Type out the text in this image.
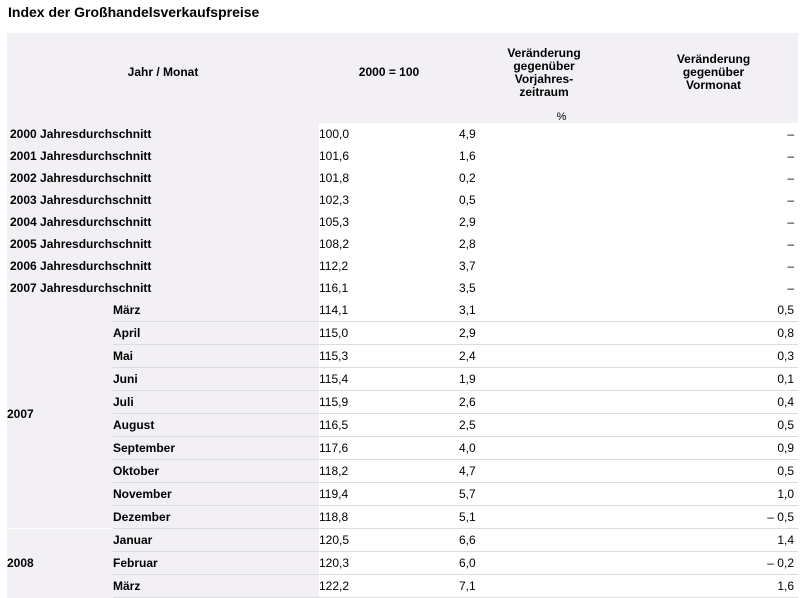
Index der Großhandelsverkaufspreise
Jahr / Monat		2000 = 100	Veränderung
gegenüber
Vorjahres-
zeitraum	Veränderung
gegenüber
Vormonat

			%	
2000 Jahresdurchschnitt		100,0	4,9	–
2001 Jahresdurchschnitt		101,6	1,6	–
2002 Jahresdurchschnitt		101,8	0,2	–
2003 Jahresdurchschnitt		102,3	0,5	–
2004 Jahresdurchschnitt		105,3	2,9	–
2005 Jahresdurchschnitt		108,2	2,8	–
2006 Jahresdurchschnitt		112,2	3,7	–
2007 Jahresdurchschnitt		116,1	3,5	–
2007	März	114,1	3,1	0,5
	April	115,0	2,9	0,8
	Mai	115,3	2,4	0,3
	Juni	115,4	1,9	0,1
	Juli	115,9	2,6	0,4
	August	116,5	2,5	0,5
	September	117,6	4,0	0,9
	Oktober	118,2	4,7	0,5
	November	119,4	5,7	1,0
	Dezember	118,8	5,1	– 0,5
2008	Januar	120,5	6,6	1,4
	Februar	120,3	6,0	– 0,2
	März	122,2	7,1	1,6
